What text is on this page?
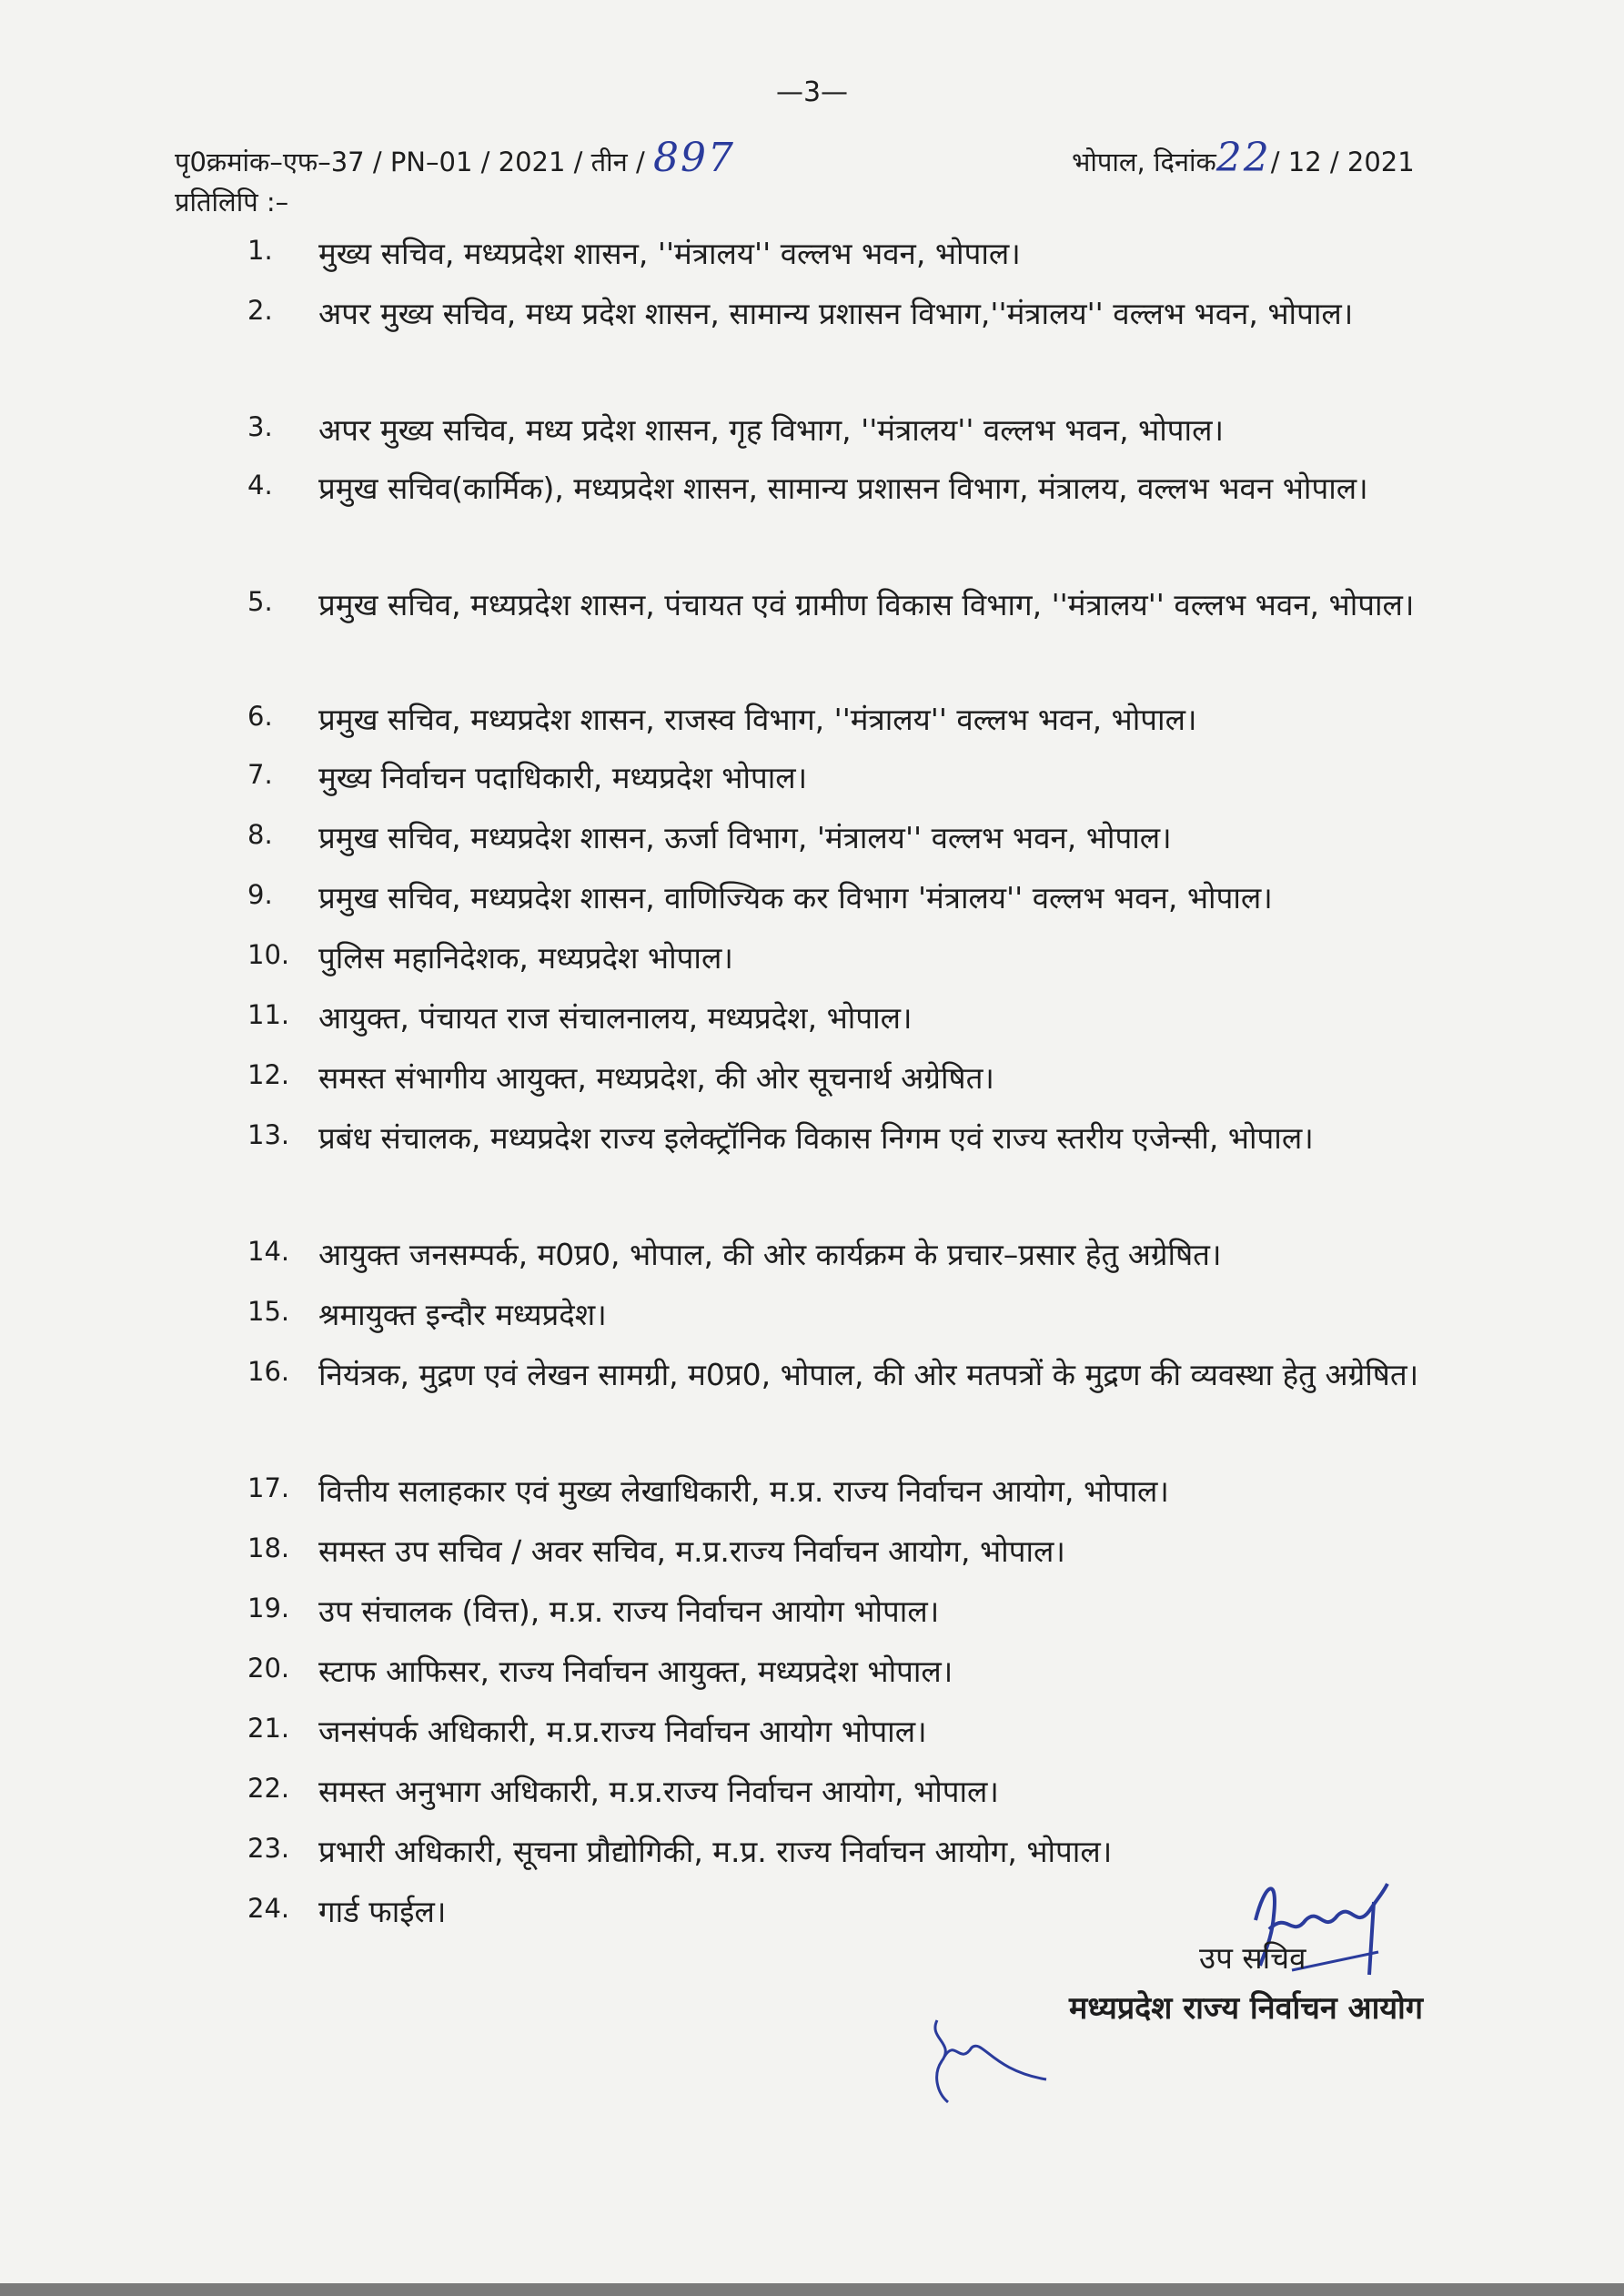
—3—
पृ0क्रमांक–एफ–37 / PN–01 / 2021 / तीन / 897	भोपाल, दिनांक22/ 12 / 2021
प्रतिलिपि :–
1. मुख्य सचिव, मध्यप्रदेश शासन, ''मंत्रालय'' वल्लभ भवन, भोपाल।
2. अपर मुख्य सचिव, मध्य प्रदेश शासन, सामान्य प्रशासन विभाग,''मंत्रालय'' वल्लभ भवन, भोपाल।
3. अपर मुख्य सचिव, मध्य प्रदेश शासन, गृह विभाग, ''मंत्रालय'' वल्लभ भवन, भोपाल।
4. प्रमुख सचिव(कार्मिक), मध्यप्रदेश शासन, सामान्य प्रशासन विभाग, मंत्रालय, वल्लभ भवन भोपाल।
5. प्रमुख सचिव, मध्यप्रदेश शासन, पंचायत एवं ग्रामीण विकास विभाग, ''मंत्रालय'' वल्लभ भवन, भोपाल।
6. प्रमुख सचिव, मध्यप्रदेश शासन, राजस्व विभाग, ''मंत्रालय'' वल्लभ भवन, भोपाल।
7. मुख्य निर्वाचन पदाधिकारी, मध्यप्रदेश भोपाल।
8. प्रमुख सचिव, मध्यप्रदेश शासन, ऊर्जा विभाग, 'मंत्रालय'' वल्लभ भवन, भोपाल।
9. प्रमुख सचिव, मध्यप्रदेश शासन, वाणिज्यिक कर विभाग 'मंत्रालय'' वल्लभ भवन, भोपाल।
10. पुलिस महानिदेशक, मध्यप्रदेश भोपाल।
11. आयुक्त, पंचायत राज संचालनालय, मध्यप्रदेश, भोपाल।
12. समस्त संभागीय आयुक्त, मध्यप्रदेश, की ओर सूचनार्थ अग्रेषित।
13. प्रबंध संचालक, मध्यप्रदेश राज्य इलेक्ट्रॉनिक विकास निगम एवं राज्य स्तरीय एजेन्सी, भोपाल।
14. आयुक्त जनसम्पर्क, म0प्र0, भोपाल, की ओर कार्यक्रम के प्रचार–प्रसार हेतु अग्रेषित।
15. श्रमायुक्त इन्दौर मध्यप्रदेश।
16. नियंत्रक, मुद्रण एवं लेखन सामग्री, म0प्र0, भोपाल, की ओर मतपत्रों के मुद्रण की व्यवस्था हेतु अग्रेषित।
17. वित्तीय सलाहकार एवं मुख्य लेखाधिकारी, म.प्र. राज्य निर्वाचन आयोग, भोपाल।
18. समस्त उप सचिव / अवर सचिव, म.प्र.राज्य निर्वाचन आयोग, भोपाल।
19. उप संचालक (वित्त), म.प्र. राज्य निर्वाचन आयोग भोपाल।
20. स्टाफ आफिसर, राज्य निर्वाचन आयुक्त, मध्यप्रदेश भोपाल।
21. जनसंपर्क अधिकारी, म.प्र.राज्य निर्वाचन आयोग भोपाल।
22. समस्त अनुभाग अधिकारी, म.प्र.राज्य निर्वाचन आयोग, भोपाल।
23. प्रभारी अधिकारी, सूचना प्रौद्योगिकी, म.प्र. राज्य निर्वाचन आयोग, भोपाल।
24. गार्ड फाईल।
उप सचिव
मध्यप्रदेश राज्य निर्वाचन आयोग
